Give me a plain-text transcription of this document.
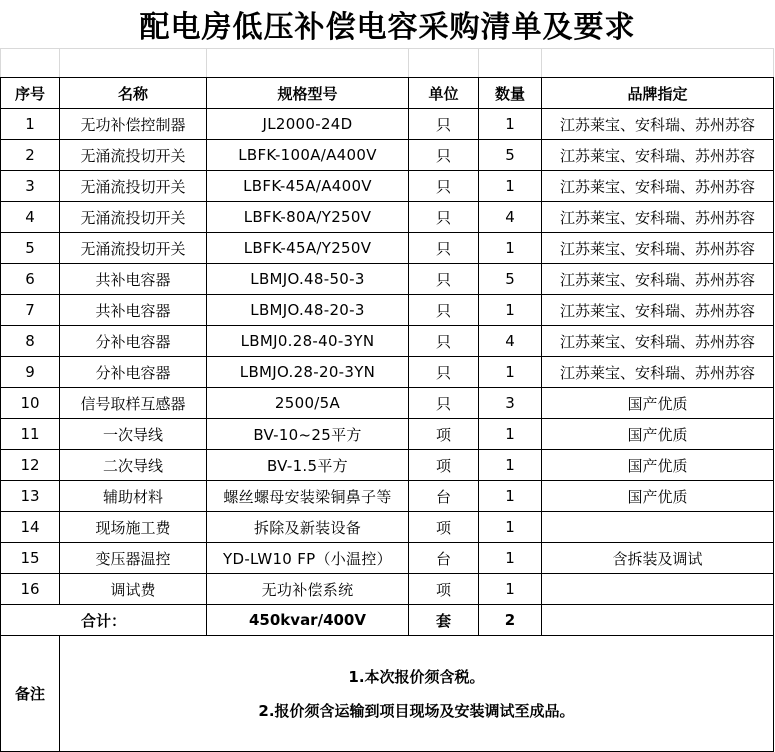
配电房低压补偿电容采购清单及要求

序号	名称	规格型号	单位	数量	品牌指定
1	无功补偿控制器	JL2000-24D	只	1	江苏莱宝、安科瑞、苏州苏容
2	无涌流投切开关	LBFK-100A/A400V	只	5	江苏莱宝、安科瑞、苏州苏容
3	无涌流投切开关	LBFK-45A/A400V	只	1	江苏莱宝、安科瑞、苏州苏容
4	无涌流投切开关	LBFK-80A/Y250V	只	4	江苏莱宝、安科瑞、苏州苏容
5	无涌流投切开关	LBFK-45A/Y250V	只	1	江苏莱宝、安科瑞、苏州苏容
6	共补电容器	LBMJO.48-50-3	只	5	江苏莱宝、安科瑞、苏州苏容
7	共补电容器	LBMJO.48-20-3	只	1	江苏莱宝、安科瑞、苏州苏容
8	分补电容器	LBMJ0.28-40-3YN	只	4	江苏莱宝、安科瑞、苏州苏容
9	分补电容器	LBMJO.28-20-3YN	只	1	江苏莱宝、安科瑞、苏州苏容
10	信号取样互感器	2500/5A	只	3	国产优质
11	一次导线	BV-10~25平方	项	1	国产优质
12	二次导线	BV-1.5平方	项	1	国产优质
13	辅助材料	螺丝螺母安装梁铜鼻子等	台	1	国产优质
14	现场施工费	拆除及新装设备	项	1	
15	变压器温控	YD-LW10 FP（小温控）	台	1	含拆装及调试
16	调试费	无功补偿系统	项	1	
合计：		450kvar/400V	套	2	
备注	1.本次报价须含税。
2.报价须含运输到项目现场及安装调试至成品。				
